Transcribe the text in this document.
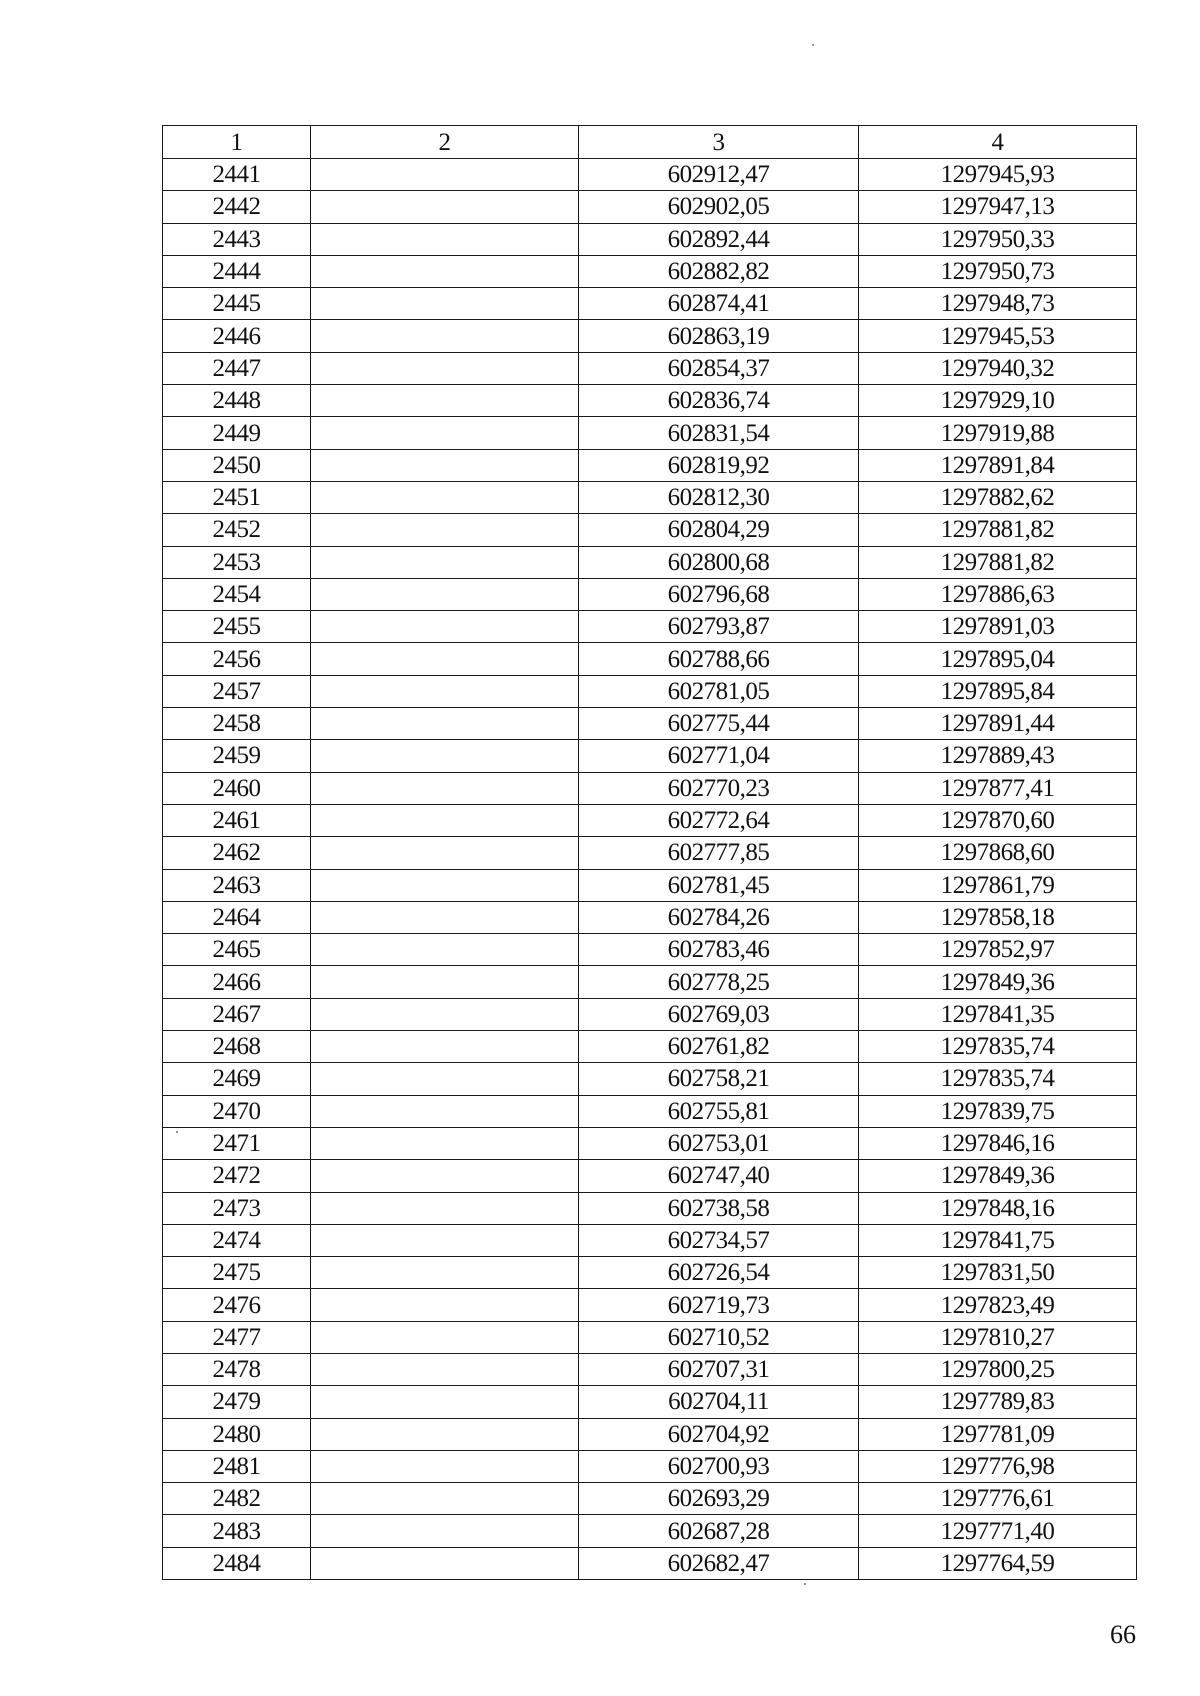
1	2	3	4
2441		602912,47	1297945,93
2442		602902,05	1297947,13
2443		602892,44	1297950,33
2444		602882,82	1297950,73
2445		602874,41	1297948,73
2446		602863,19	1297945,53
2447		602854,37	1297940,32
2448		602836,74	1297929,10
2449		602831,54	1297919,88
2450		602819,92	1297891,84
2451		602812,30	1297882,62
2452		602804,29	1297881,82
2453		602800,68	1297881,82
2454		602796,68	1297886,63
2455		602793,87	1297891,03
2456		602788,66	1297895,04
2457		602781,05	1297895,84
2458		602775,44	1297891,44
2459		602771,04	1297889,43
2460		602770,23	1297877,41
2461		602772,64	1297870,60
2462		602777,85	1297868,60
2463		602781,45	1297861,79
2464		602784,26	1297858,18
2465		602783,46	1297852,97
2466		602778,25	1297849,36
2467		602769,03	1297841,35
2468		602761,82	1297835,74
2469		602758,21	1297835,74
2470		602755,81	1297839,75
2471		602753,01	1297846,16
2472		602747,40	1297849,36
2473		602738,58	1297848,16
2474		602734,57	1297841,75
2475		602726,54	1297831,50
2476		602719,73	1297823,49
2477		602710,52	1297810,27
2478		602707,31	1297800,25
2479		602704,11	1297789,83
2480		602704,92	1297781,09
2481		602700,93	1297776,98
2482		602693,29	1297776,61
2483		602687,28	1297771,40
2484		602682,47	1297764,59
66
